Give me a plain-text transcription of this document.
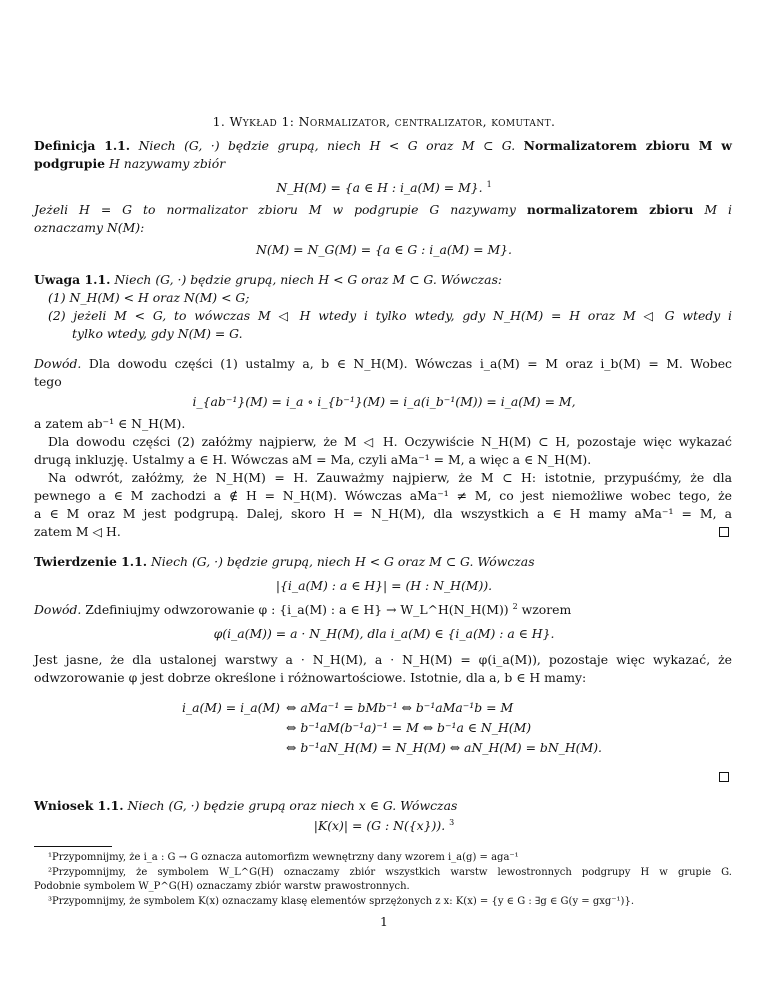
1. Wykład 1: Normalizator, centralizator, komutant.
Definicja 1.1. Niech (G, ·) będzie grupą, niech H < G oraz M ⊂ G. Normalizatorem zbioru M w
podgrupie H nazywamy zbiór
N_H(M) = {a ∈ H : i_a(M) = M}. $^1$
Jeżeli H = G to normalizator zbioru M w podgrupie G nazywamy normalizatorem zbioru M i
oznaczamy N(M):
N(M) = N_G(M) = {a ∈ G : i_a(M) = M}.
Uwaga 1.1. Niech (G, ·) będzie grupą, niech H < G oraz M ⊂ G. Wówczas:
(1) N_H(M) < H oraz N(M) < G;
(2) jeżeli M < G, to wówczas M ◁ H wtedy i tylko wtedy, gdy N_H(M) = H oraz M ◁ G wtedy i
tylko wtedy, gdy N(M) = G.
Dowód. Dla dowodu części (1) ustalmy a, b ∈ N_H(M). Wówczas i_a(M) = M oraz i_b(M) = M. Wobec
tego
i_{ab⁻¹}(M) = i_a ∘ i_{b⁻¹}(M) = i_a(i_b⁻¹(M)) = i_a(M) = M,
a zatem ab⁻¹ ∈ N_H(M).
Dla dowodu części (2) załóżmy najpierw, że M ◁ H. Oczywiście N_H(M) ⊂ H, pozostaje więc wykazać
drugą inkluzję. Ustalmy a ∈ H. Wówczas aM = Ma, czyli aMa⁻¹ = M, a więc a ∈ N_H(M).
Na odwrót, załóżmy, że N_H(M) = H. Zauważmy najpierw, że M ⊂ H: istotnie, przypuśćmy, że dla
pewnego a ∈ M zachodzi a ∉ H = N_H(M). Wówczas aMa⁻¹ ≠ M, co jest niemożliwe wobec tego, że
a ∈ M oraz M jest podgrupą. Dalej, skoro H = N_H(M), dla wszystkich a ∈ H mamy aMa⁻¹ = M, a
zatem M ◁ H.
Twierdzenie 1.1. Niech (G, ·) będzie grupą, niech H < G oraz M ⊂ G. Wówczas
|{i_a(M) : a ∈ H}| = (H : N_H(M)).
Dowód. Zdefiniujmy odwzorowanie φ : {i_a(M) : a ∈ H} → W_L^H(N_H(M)) $^2$ wzorem
φ(i_a(M)) = a · N_H(M), dla i_a(M) ∈ {i_a(M) : a ∈ H}.
Jest jasne, że dla ustalonej warstwy a · N_H(M), a · N_H(M) = φ(i_a(M)), pozostaje więc wykazać, że
odwzorowanie φ jest dobrze określone i różnowartościowe. Istotnie, dla a, b ∈ H mamy:
i_a(M) = i_a(M) ⇔ aMa⁻¹ = bMb⁻¹ ⇔ b⁻¹aMa⁻¹b = M
⇔ b⁻¹aM(b⁻¹a)⁻¹ = M ⇔ b⁻¹a ∈ N_H(M)
⇔ b⁻¹aN_H(M) = N_H(M) ⇔ aN_H(M) = bN_H(M).
Wniosek 1.1. Niech (G, ·) będzie grupą oraz niech x ∈ G. Wówczas
|K(x)| = (G : N({x})). $^3$
¹Przypomnijmy, że i_a : G → G oznacza automorfizm wewnętrzny dany wzorem i_a(g) = aga⁻¹
²Przypomnijmy, że symbolem W_L^G(H) oznaczamy zbiór wszystkich warstw lewostronnych podgrupy H w grupie G.
Podobnie symbolem W_P^G(H) oznaczamy zbiór warstw prawostronnych.
³Przypomnijmy, że symbolem K(x) oznaczamy klasę elementów sprzężonych z x: K(x) = {y ∈ G : ∃g ∈ G(y = gxg⁻¹)}.
1
